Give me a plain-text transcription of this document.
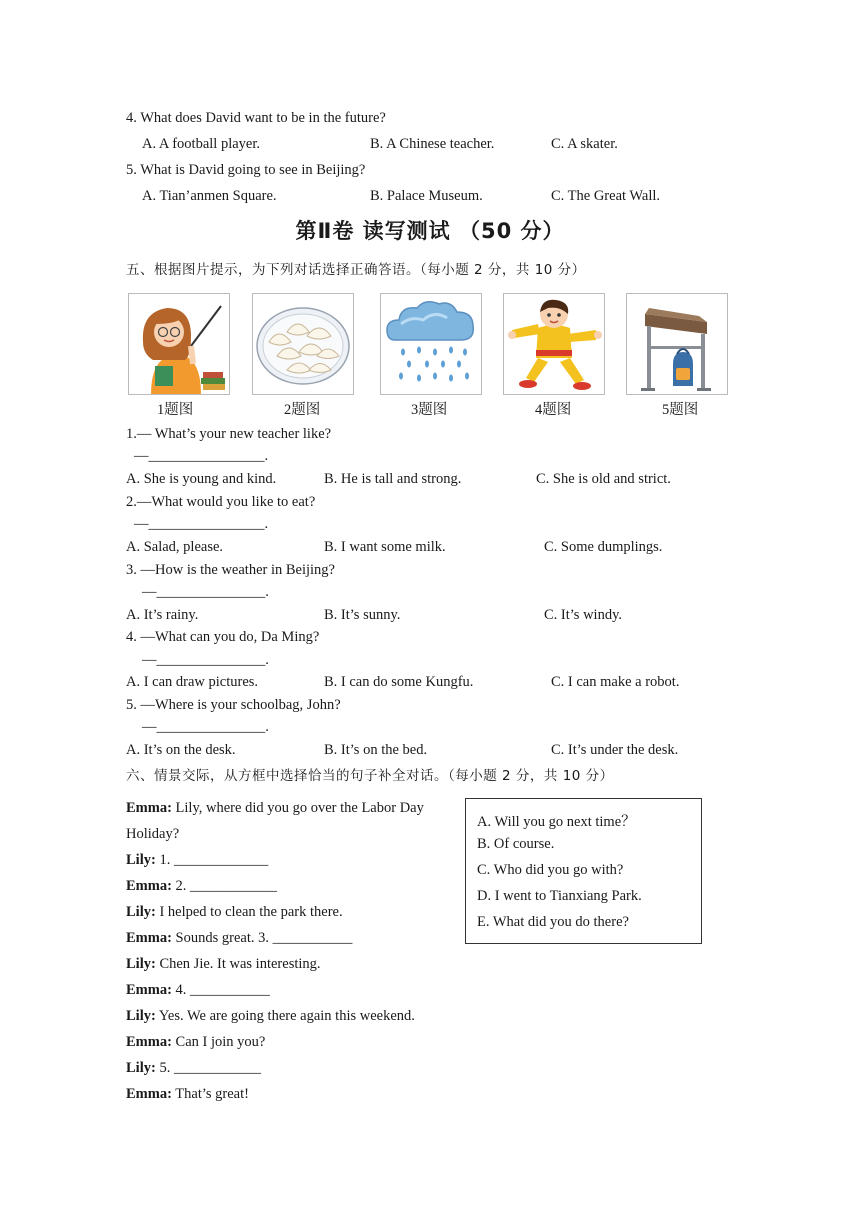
4. What does David want to be in the future?
A. A football player.	B. A Chinese teacher.	C. A skater.
5. What is David going to see in Beijing?
A. Tian’anmen Square.	B. Palace Museum.	C. The Great Wall.
第Ⅱ卷 读写测试 （50 分）
五、根据图片提示，为下列对话选择正确答语。（每小题 2 分，共 10 分）
1题图	2题图	3题图	4题图	5题图
1.— What’s your new teacher like?
—________________.
A. She is young and kind.	B. He is tall and strong.	C. She is old and strict.
2.—What would you like to eat?
—________________.
A. Salad, please.	B. I want some milk.	C. Some dumplings.
3. —How is the weather in Beijing?
—_______________.
A. It’s rainy.	B. It’s sunny.	C. It’s windy.
4. —What can you do, Da Ming?
—_______________.
A. I can draw pictures.	B. I can do some Kungfu.	C. I can make a robot.
5. —Where is your schoolbag, John?
—_______________.
A. It’s on the desk.	B. It’s on the bed.	C. It’s under the desk.
六、情景交际，从方框中选择恰当的句子补全对话。（每小题 2 分，共 10 分）
Emma: Lily, where did you go over the Labor Day
Holiday?
Lily: 1. _____________
Emma: 2. ____________
Lily: I helped to clean the park there.
Emma: Sounds great. 3. ___________
Lily: Chen Jie. It was interesting.
Emma: 4. ___________
Lily: Yes. We are going there again this weekend.
Emma: Can I join you?
Lily: 5. ____________
Emma: That’s great!
A. Will you go next time？
B. Of course.
C. Who did you go with?
D. I went to Tianxiang Park.
E. What did you do there?
